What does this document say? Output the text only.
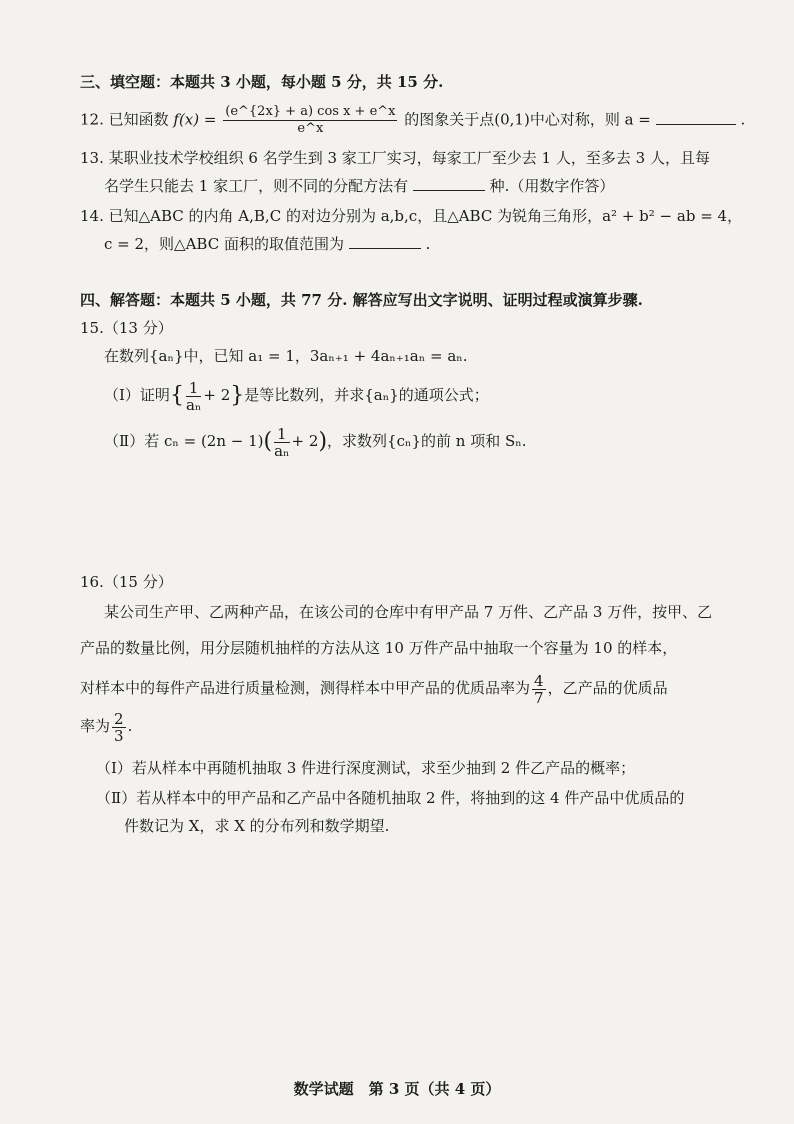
三、填空题：本题共 3 小题，每小题 5 分，共 15 分.
12. 已知函数 $f(x) = \frac{\text{(e\textasciicircum{}\{2x\} + a) cos x + e\textasciicircum{}x}}{e\^{}x}$ 的图象关于点(0,1)中心对称，则 a =	.
13. 某职业技术学校组织 6 名学生到 3 家工厂实习，每家工厂至少去 1 人，至多去 3 人，且每
名学生只能去 1 家工厂，则不同的分配方法有	种.（用数字作答）
14. 已知△ABC 的内角 A,B,C 的对边分别为 a,b,c，且△ABC 为锐角三角形，a² + b² − ab = 4，
c = 2，则△ABC 面积的取值范围为	.
四、解答题：本题共 5 小题，共 77 分. 解答应写出文字说明、证明过程或演算步骤.
15.（13 分）
在数列{aₙ}中，已知 a₁ = 1，3aₙ₊₁ + 4aₙ₊₁aₙ = aₙ.
（Ⅰ）证明{ $\frac{1}{\text{aₙ}} + 2$}是等比数列，并求{aₙ}的通项公式；
（Ⅱ）若 $c_n = (2n - 1)( \frac{1}{\text{aₙ}} + 2)$，求数列{cₙ}的前 n 项和 Sₙ.
16.（15 分）
某公司生产甲、乙两种产品，在该公司的仓库中有甲产品 7 万件、乙产品 3 万件，按甲、乙
产品的数量比例，用分层随机抽样的方法从这 10 万件产品中抽取一个容量为 10 的样本，
对样本中的每件产品进行质量检测，测得样本中甲产品的优质品率为 $\frac{4}{7}$ ，乙产品的优质品
率为 $\frac{2}{3}$ .
（Ⅰ）若从样本中再随机抽取 3 件进行深度测试，求至少抽到 2 件乙产品的概率；
（Ⅱ）若从样本中的甲产品和乙产品中各随机抽取 2 件，将抽到的这 4 件产品中优质品的
件数记为 X，求 X 的分布列和数学期望.
数学试题　第 3 页（共 4 页）
